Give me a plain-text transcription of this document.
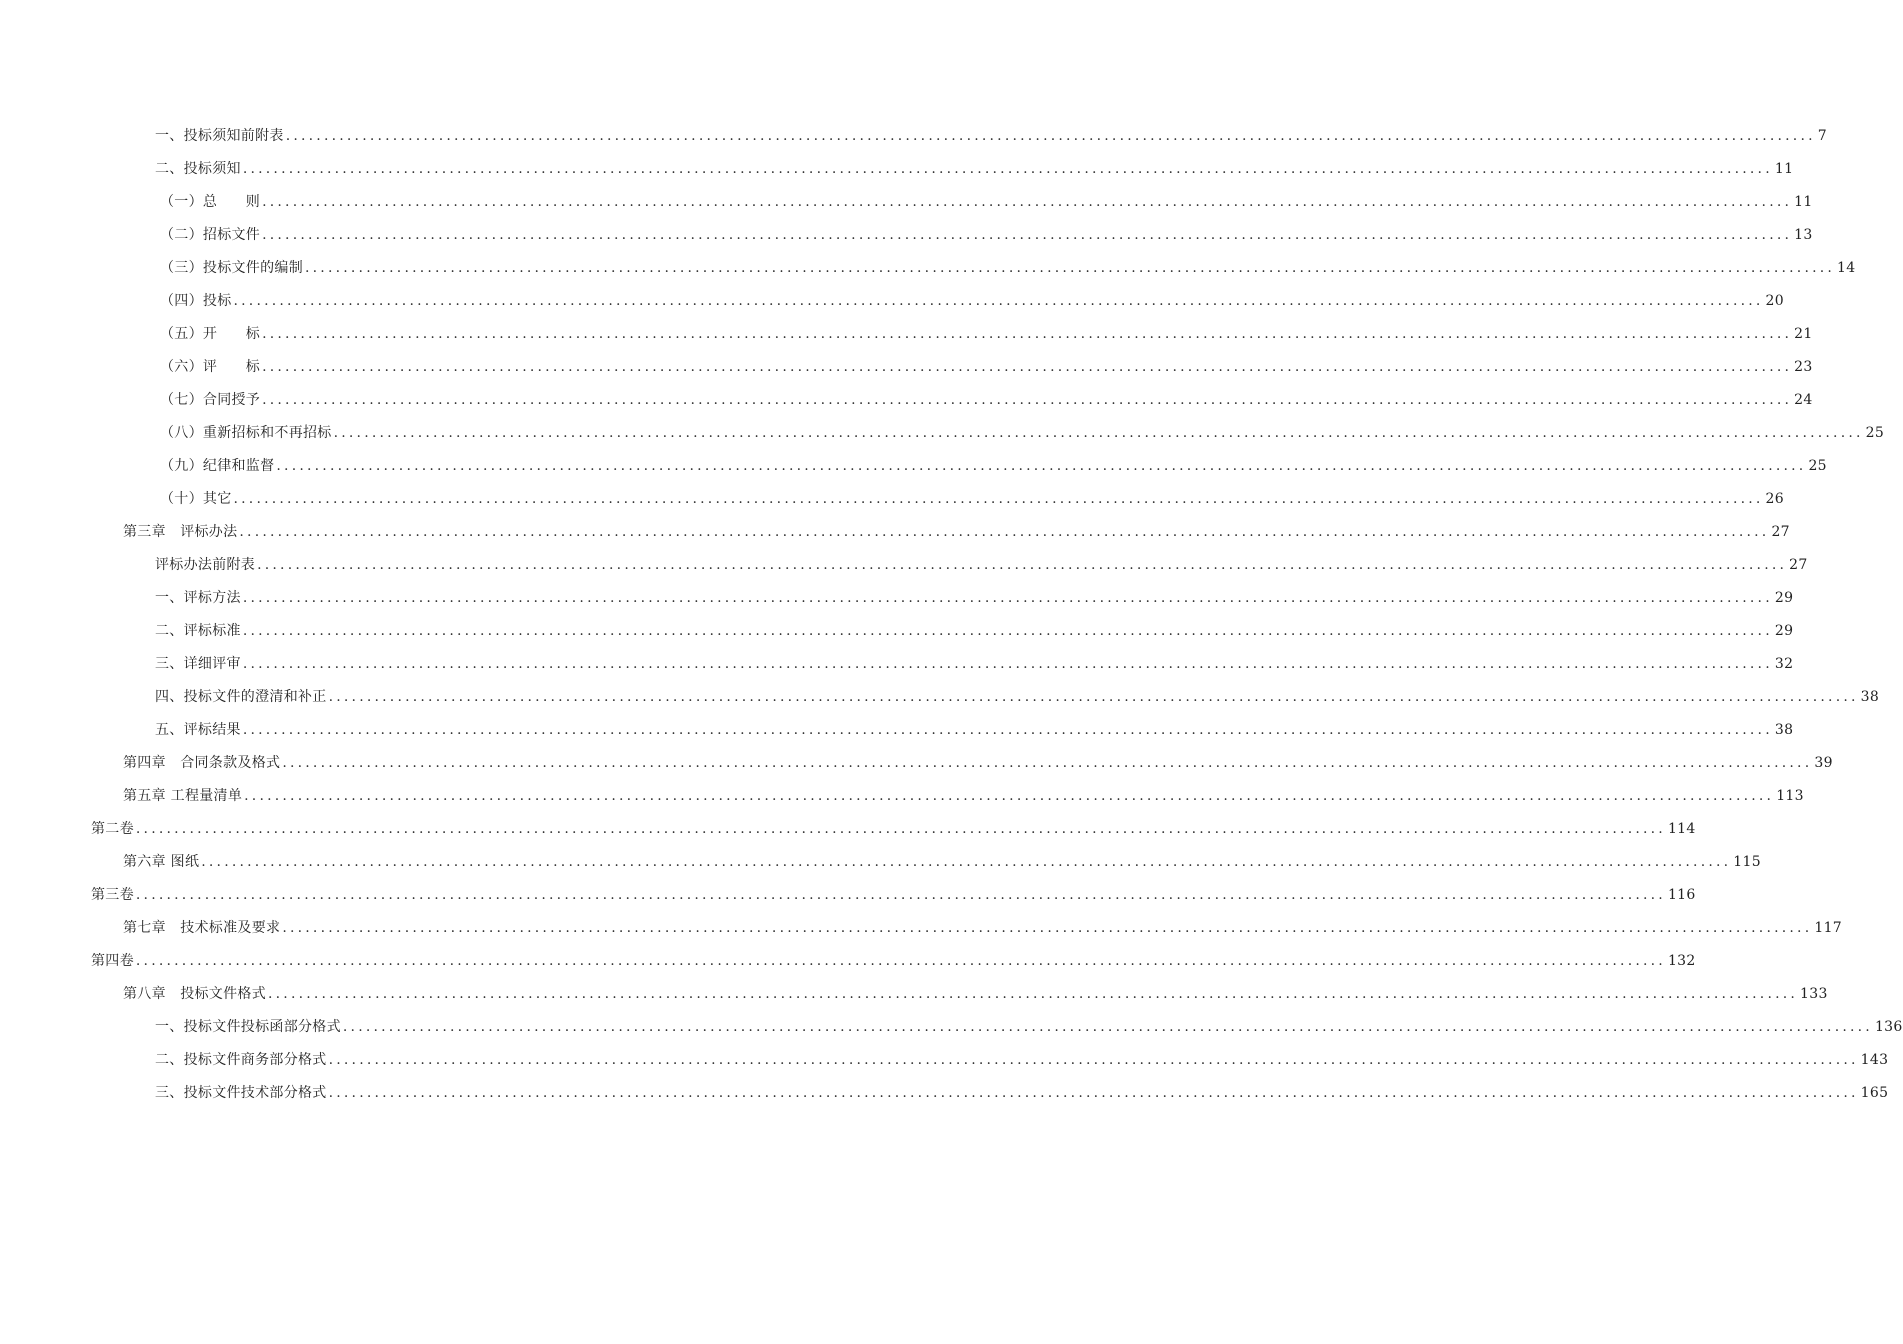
一、投标须知前附表 ........................................................................................................................................................................................................ 7
二、投标须知 ........................................................................................................................................................................................................ 11
（一）总　　则 ........................................................................................................................................................................................................ 11
（二）招标文件 ........................................................................................................................................................................................................ 13
（三）投标文件的编制 ........................................................................................................................................................................................................ 14
（四）投标 ........................................................................................................................................................................................................ 20
（五）开　　标 ........................................................................................................................................................................................................ 21
（六）评　　标 ........................................................................................................................................................................................................ 23
（七）合同授予 ........................................................................................................................................................................................................ 24
（八）重新招标和不再招标 ........................................................................................................................................................................................................ 25
（九）纪律和监督 ........................................................................................................................................................................................................ 25
（十）其它 ........................................................................................................................................................................................................ 26
第三章　评标办法 ........................................................................................................................................................................................................ 27
评标办法前附表 ........................................................................................................................................................................................................ 27
一、评标方法 ........................................................................................................................................................................................................ 29
二、评标标准 ........................................................................................................................................................................................................ 29
三、详细评审 ........................................................................................................................................................................................................ 32
四、投标文件的澄清和补正 ........................................................................................................................................................................................................ 38
五、评标结果 ........................................................................................................................................................................................................ 38
第四章　合同条款及格式 ........................................................................................................................................................................................................ 39
第五章 工程量清单 ........................................................................................................................................................................................................ 113
第二卷 ........................................................................................................................................................................................................ 114
第六章 图纸 ........................................................................................................................................................................................................ 115
第三卷 ........................................................................................................................................................................................................ 116
第七章　技术标准及要求 ........................................................................................................................................................................................................ 117
第四卷 ........................................................................................................................................................................................................ 132
第八章　投标文件格式 ........................................................................................................................................................................................................ 133
一、投标文件投标函部分格式 ........................................................................................................................................................................................................ 136
二、投标文件商务部分格式 ........................................................................................................................................................................................................ 143
三、投标文件技术部分格式 ........................................................................................................................................................................................................ 165
